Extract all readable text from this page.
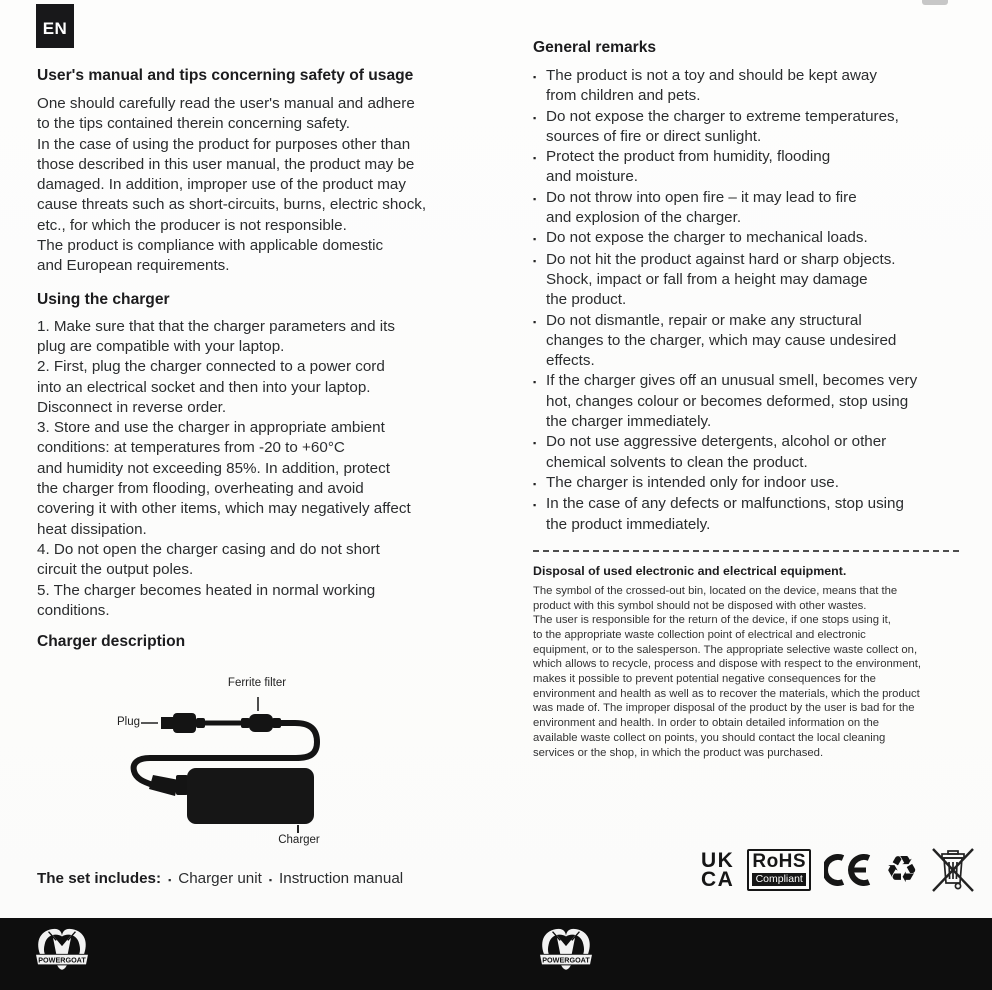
EN
User's manual and tips concerning safety of usage

One should carefully read the user's manual and adhere
to the tips contained therein concerning safety.
In the case of using the product for purposes other than
those described in this user manual, the product may be
damaged. In addition, improper use of the product may
cause threats such as short-circuits, burns, electric shock,
etc., for which the producer is not responsible.
The product is compliance with applicable domestic
and European requirements.

Using the charger

1. Make sure that that the charger parameters and its
plug are compatible with your laptop.
2. First, plug the charger connected to a power cord
into an electrical socket and then into your laptop.
Disconnect in reverse order.
3. Store and use the charger in appropriate ambient
conditions: at temperatures from -20 to +60°C
and humidity not exceeding 85%. In addition, protect
the charger from flooding, overheating and avoid
covering it with other items, which may negatively affect
heat dissipation.
4. Do not open the charger casing and do not short
circuit the output poles.
5. The charger becomes heated in normal working
conditions.

Charger description
Ferrite filter
Plug
Charger
The set includes: ▪ Charger unit ▪ Instruction manual
General remarks
▪ The product is not a toy and should be kept away
from children and pets.
▪ Do not expose the charger to extreme temperatures,
sources of fire or direct sunlight.
▪ Protect the product from humidity, flooding
and moisture.
▪ Do not throw into open fire – it may lead to fire
and explosion of the charger.
▪ Do not expose the charger to mechanical loads.
▪ Do not hit the product against hard or sharp objects.
Shock, impact or fall from a height may damage
the product.
▪ Do not dismantle, repair or make any structural
changes to the charger, which may cause undesired
effects.
▪ If the charger gives off an unusual smell, becomes very
hot, changes colour or becomes deformed, stop using
the charger immediately.
▪ Do not use aggressive detergents, alcohol or other
chemical solvents to clean the product.
▪ The charger is intended only for indoor use.
▪ In the case of any defects or malfunctions, stop using
the product immediately.
Disposal of used electronic and electrical equipment.
The symbol of the crossed-out bin, located on the device, means that the
product with this symbol should not be disposed with other wastes.
The user is responsible for the return of the device, if one stops using it,
to the appropriate waste collection point of electrical and electronic
equipment, or to the salesperson. The appropriate selective waste collect on,
which allows to recycle, process and dispose with respect to the environment,
makes it possible to prevent potential negative consequences for the
environment and health as well as to recover the materials, which the product
was made of. The improper disposal of the product by the user is bad for the
environment and health. In order to obtain detailed information on the
available waste collect on points, you should contact the local cleaning
services or the shop, in which the product was purchased.
UK
CA
RoHS
Compliant ♻
POWERGOAT	POWERGOAT
